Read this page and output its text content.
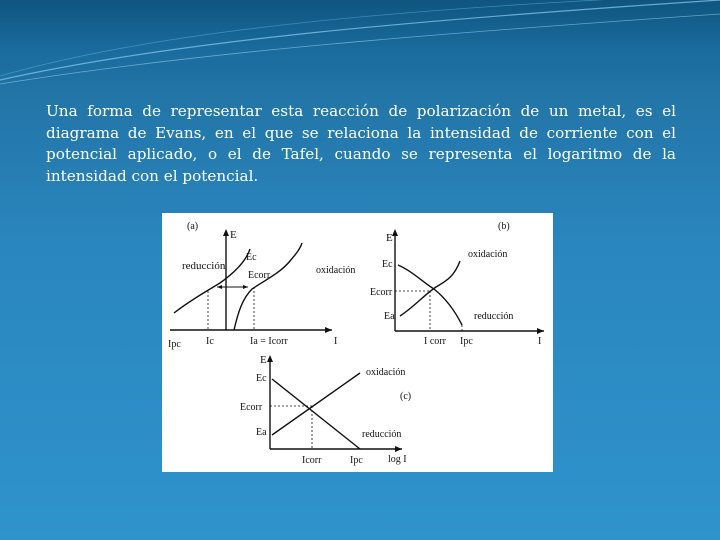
Una forma de representar esta reacción de polarización de un metal, es el diagrama de Evans, en el que se relaciona la intensidad de corriente con el potencial aplicado, o el de Tafel, cuando se representa el logaritmo de la intensidad con el potencial.
(a)
E
I
reducción	oxidación
Ec
Ecorr
Ipc	Ic	Ia = Icorr
(b)
E
I
oxidación
reducción
Ec
Ecorr
Ea
I corr Ipc
(c)
E
log I
oxidación
reducción
Ec
Ecorr
Ea
Icorr	Ipc
